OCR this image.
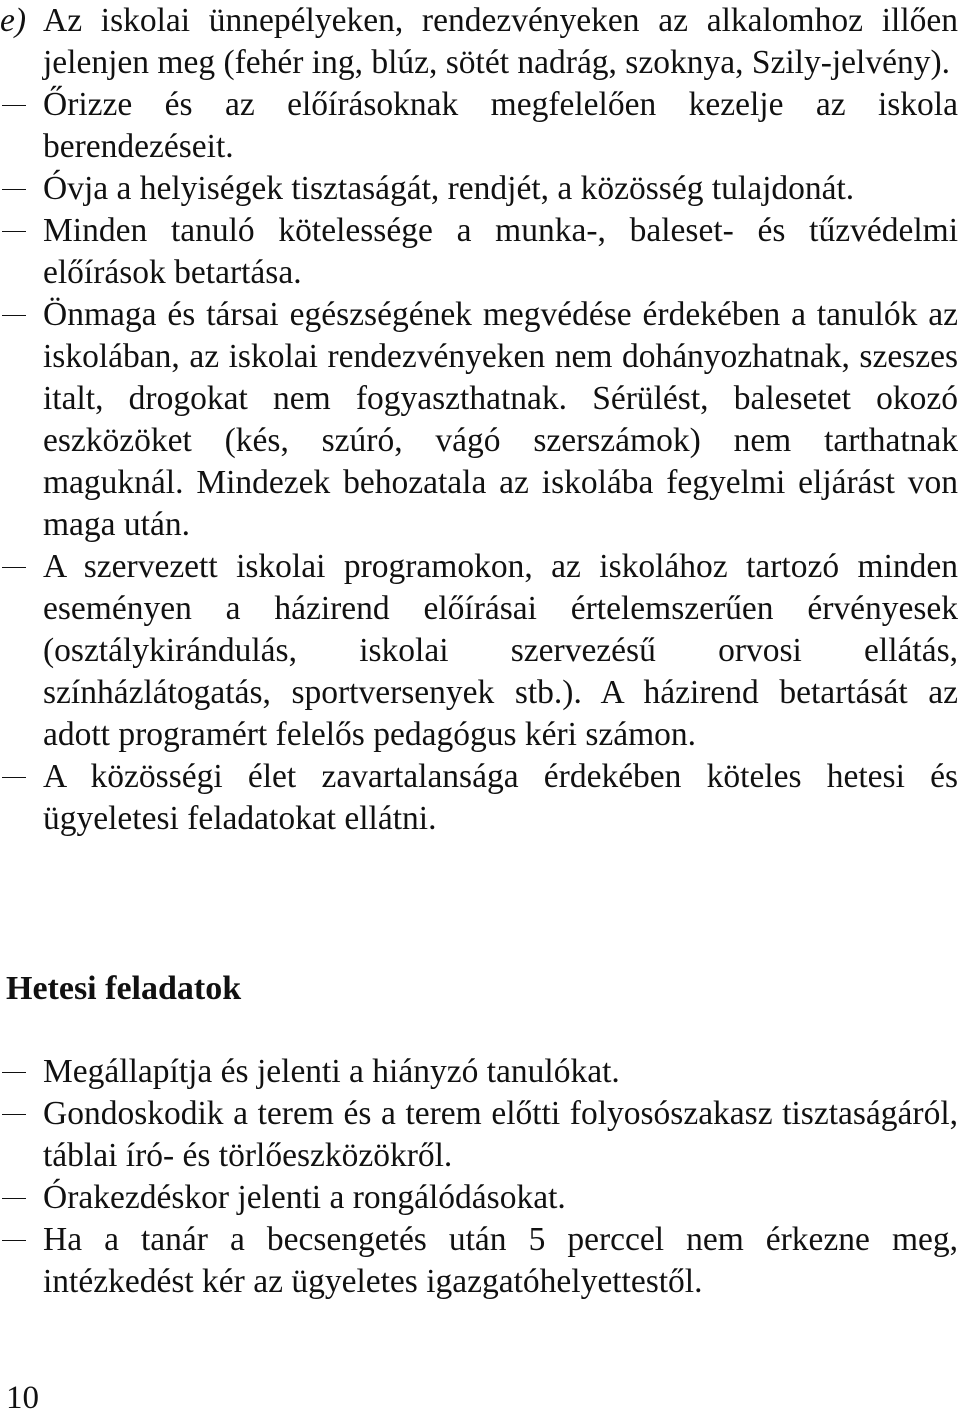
e) Az iskolai ünnepélyeken, rendezvényeken az alkalomhoz illően jelenjen meg (fehér ing, blúz, sötét nadrág, szoknya, Szily-jelvény).
Őrizze és az előírásoknak megfelelően kezelje az iskola berendezéseit.
Óvja a helyiségek tisztaságát, rendjét, a közösség tulajdonát.
Minden tanuló kötelessége a munka-, baleset- és tűzvédelmi előírások betartása.
Önmaga és társai egészségének megvédése érdekében a tanulók az iskolában, az iskolai rendezvényeken nem dohányozhatnak, szeszes italt, drogokat nem fogyaszthatnak. Sérülést, balesetet okozó eszközöket (kés, szúró, vágó szerszámok) nem tarthatnak maguknál. Mindezek behozatala az iskolába fegyelmi eljárást von maga után.
A szervezett iskolai programokon, az iskolához tartozó minden eseményen a házirend előírásai értelemszerűen érvényesek (osztálykirándulás, iskolai szervezésű orvosi ellátás, színházlátogatás, sportversenyek stb.). A házirend betartását az adott programért felelős pedagógus kéri számon.
A közösségi élet zavartalansága érdekében köteles hetesi és ügyeletesi feladatokat ellátni.
Hetesi feladatok
Megállapítja és jelenti a hiányzó tanulókat.
Gondoskodik a terem és a terem előtti folyosószakasz tisztaságáról, táblai író- és törlőeszközökről.
Órakezdéskor jelenti a rongálódásokat.
Ha a tanár a becsengetés után 5 perccel nem érkezne meg, intézkedést kér az ügyeletes igazgatóhelyettestől.
10
